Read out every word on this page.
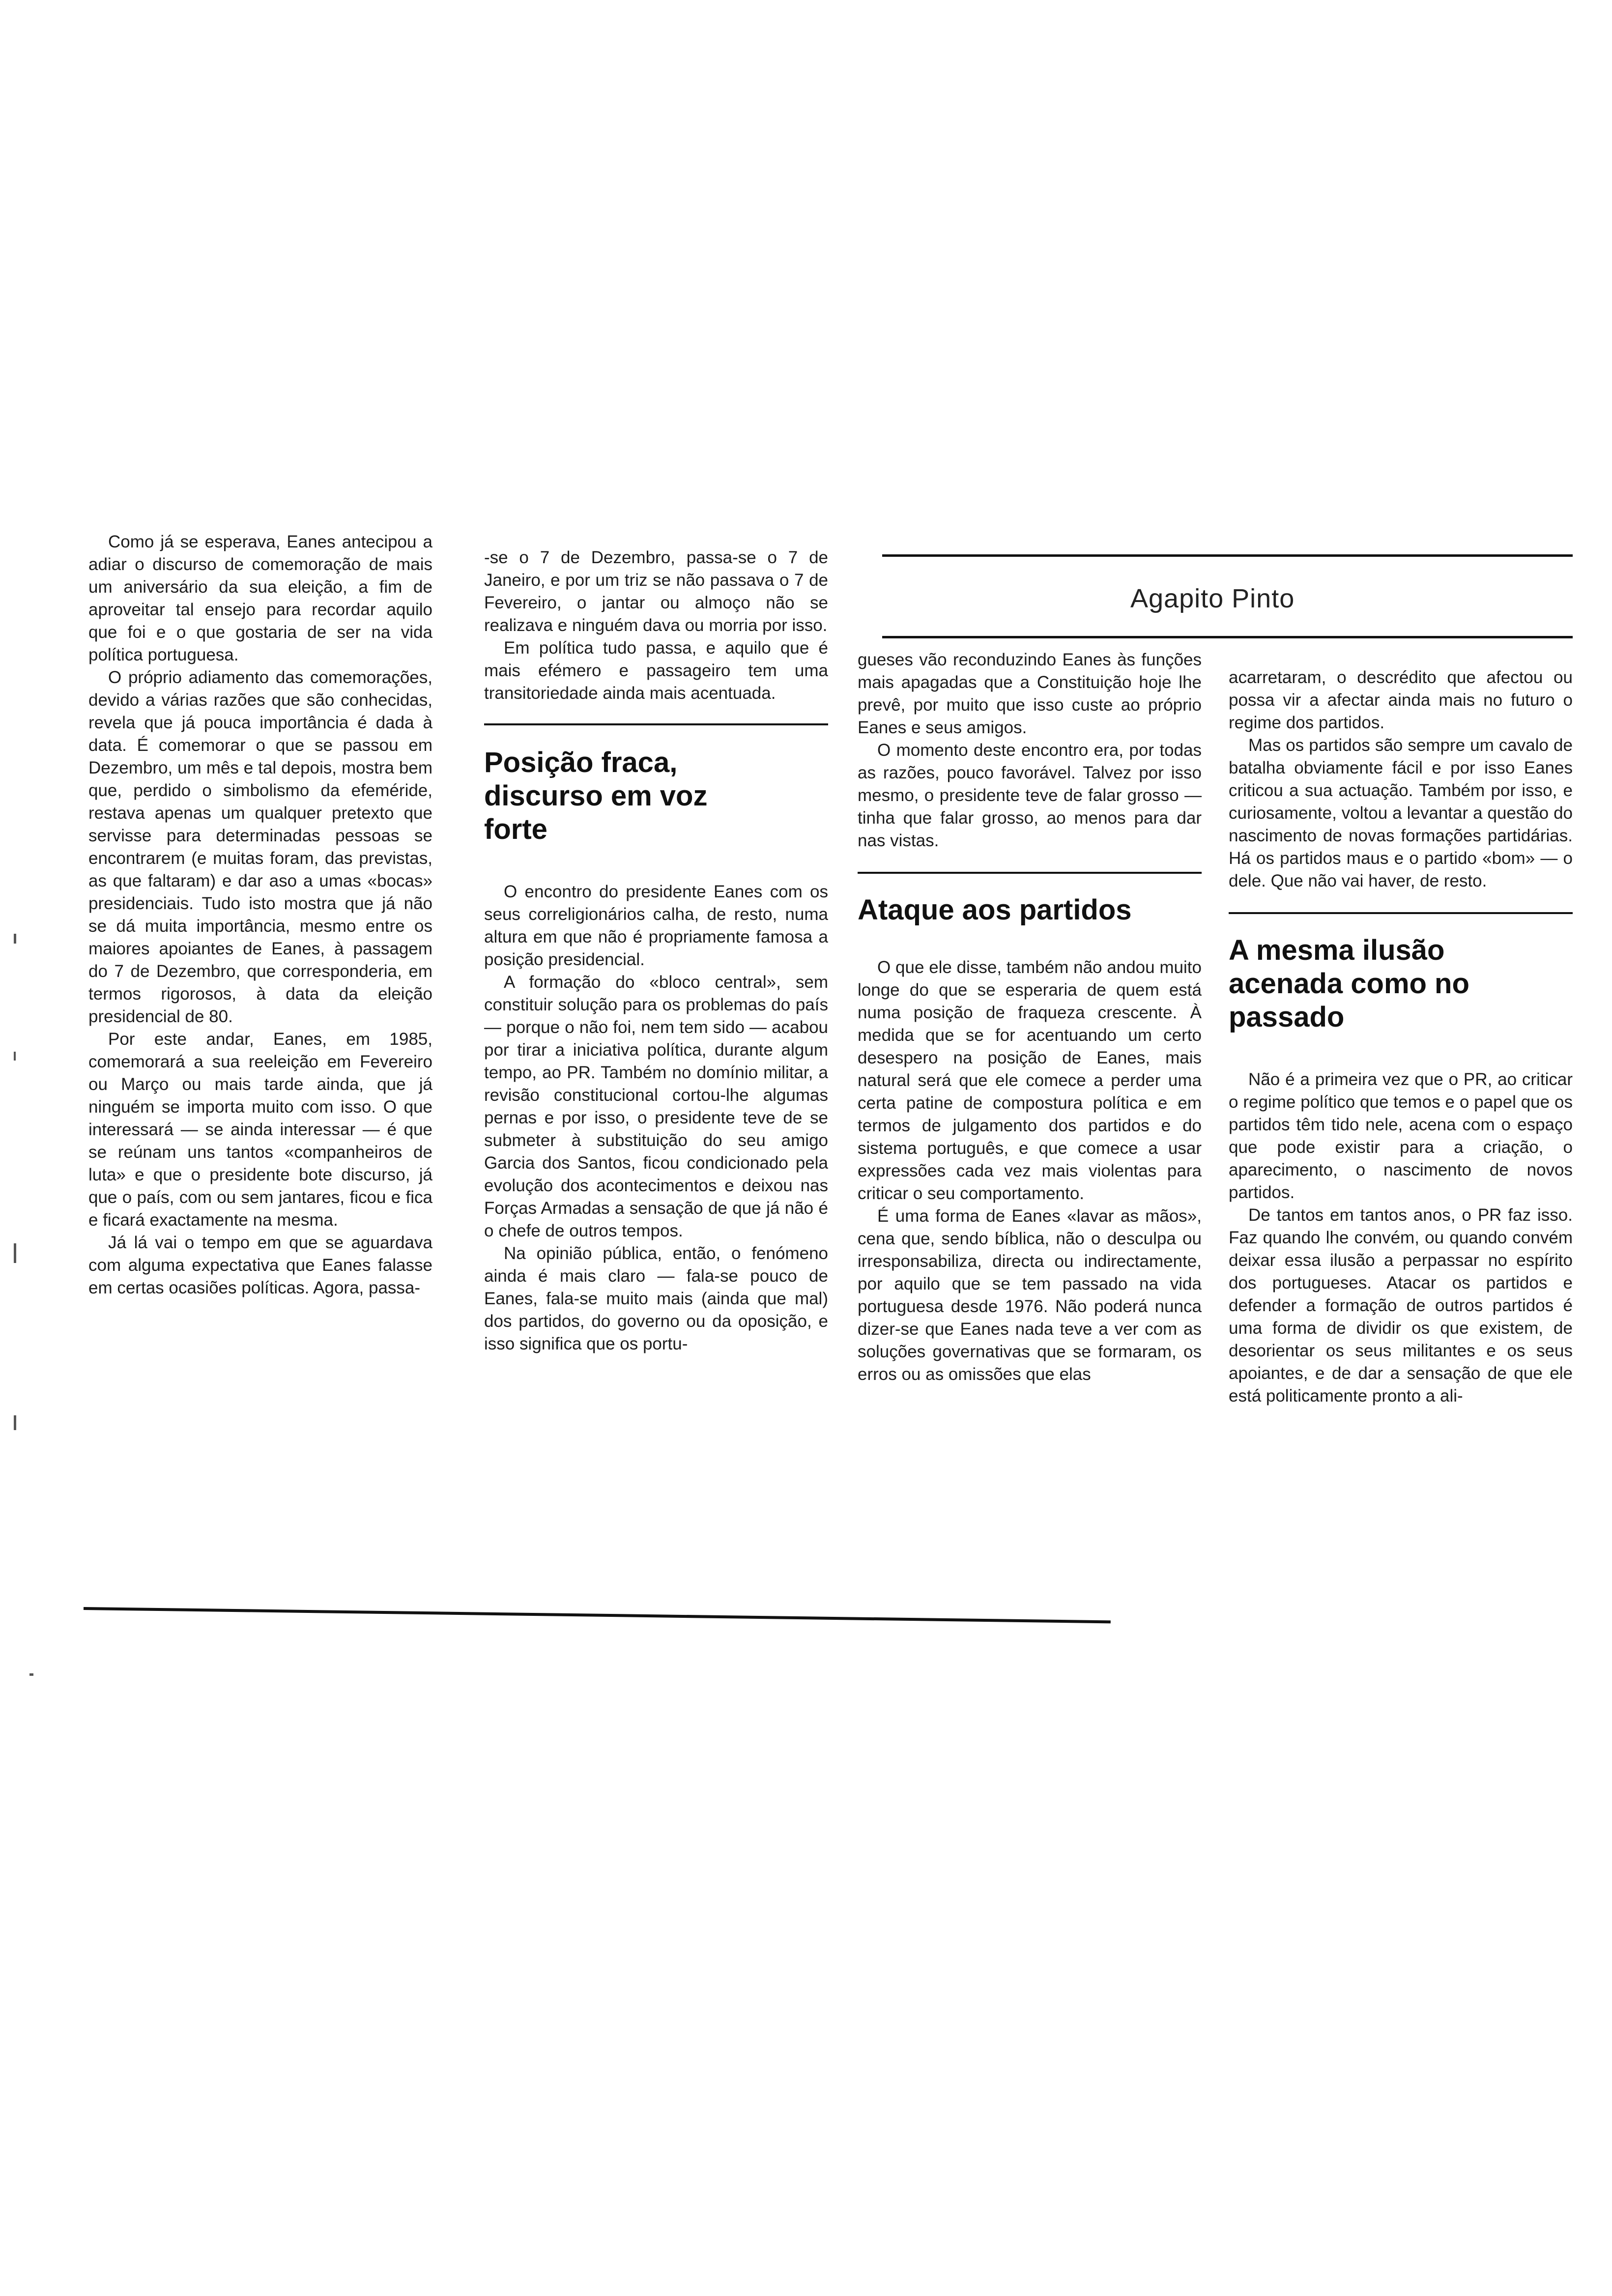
Agapito Pinto

Como já se esperava, Eanes antecipou a adiar o discurso de comemoração de mais um aniversário da sua eleição, a fim de aproveitar tal ensejo para recordar aquilo que foi e o que gostaria de ser na vida política portuguesa.

O próprio adiamento das comemorações, devido a várias razões que são conhecidas, revela que já pouca importância é dada à data. É comemorar o que se passou em Dezembro, um mês e tal depois, mostra bem que, perdido o simbolismo da efeméride, restava apenas um qualquer pretexto que servisse para determinadas pessoas se encontrarem (e muitas foram, das previstas, as que faltaram) e dar aso a umas «bocas» presidenciais. Tudo isto mostra que já não se dá muita importância, mesmo entre os maiores apoiantes de Eanes, à passagem do 7 de Dezembro, que corresponderia, em termos rigorosos, à data da eleição presidencial de 80.

Por este andar, Eanes, em 1985, comemorará a sua reeleição em Fevereiro ou Março ou mais tarde ainda, que já ninguém se importa muito com isso. O que interessará — se ainda interessar — é que se reúnam uns tantos «companheiros de luta» e que o presidente bote discurso, já que o país, com ou sem jantares, ficou e fica e ficará exactamente na mesma.

Já lá vai o tempo em que se aguardava com alguma expectativa que Eanes falasse em certas ocasiões políticas. Agora, passa-

-se o 7 de Dezembro, passa-se o 7 de Janeiro, e por um triz se não passava o 7 de Fevereiro, o jantar ou almoço não se realizava e ninguém dava ou morria por isso.

Em política tudo passa, e aquilo que é mais efémero e passageiro tem uma transitoriedade ainda mais acentuada.

Posição fraca, discurso em voz forte

O encontro do presidente Eanes com os seus correligionários calha, de resto, numa altura em que não é propriamente famosa a posição presidencial.

A formação do «bloco central», sem constituir solução para os problemas do país — porque o não foi, nem tem sido — acabou por tirar a iniciativa política, durante algum tempo, ao PR. Também no domínio militar, a revisão constitucional cortou-lhe algumas pernas e por isso, o presidente teve de se submeter à substituição do seu amigo Garcia dos Santos, ficou condicionado pela evolução dos acontecimentos e deixou nas Forças Armadas a sensação de que já não é o chefe de outros tempos.

Na opinião pública, então, o fenómeno ainda é mais claro — fala-se pouco de Eanes, fala-se muito mais (ainda que mal) dos partidos, do governo ou da oposição, e isso significa que os portu-

gueses vão reconduzindo Eanes às funções mais apagadas que a Constituição hoje lhe prevê, por muito que isso custe ao próprio Eanes e seus amigos.

O momento deste encontro era, por todas as razões, pouco favorável. Talvez por isso mesmo, o presidente teve de falar grosso — tinha que falar grosso, ao menos para dar nas vistas.

Ataque aos partidos

O que ele disse, também não andou muito longe do que se esperaria de quem está numa posição de fraqueza crescente. À medida que se for acentuando um certo desespero na posição de Eanes, mais natural será que ele comece a perder uma certa patine de compostura política e em termos de julgamento dos partidos e do sistema português, e que comece a usar expressões cada vez mais violentas para criticar o seu comportamento.

É uma forma de Eanes «lavar as mãos», cena que, sendo bíblica, não o desculpa ou irresponsabiliza, directa ou indirectamente, por aquilo que se tem passado na vida portuguesa desde 1976. Não poderá nunca dizer-se que Eanes nada teve a ver com as soluções governativas que se formaram, os erros ou as omissões que elas

acarretaram, o descrédito que afectou ou possa vir a afectar ainda mais no futuro o regime dos partidos.

Mas os partidos são sempre um cavalo de batalha obviamente fácil e por isso Eanes criticou a sua actuação. Também por isso, e curiosamente, voltou a levantar a questão do nascimento de novas formações partidárias. Há os partidos maus e o partido «bom» — o dele. Que não vai haver, de resto.

A mesma ilusão acenada como no passado

Não é a primeira vez que o PR, ao criticar o regime político que temos e o papel que os partidos têm tido nele, acena com o espaço que pode existir para a criação, o aparecimento, o nascimento de novos partidos.

De tantos em tantos anos, o PR faz isso. Faz quando lhe convém, ou quando convém deixar essa ilusão a perpassar no espírito dos portugueses. Atacar os partidos e defender a formação de outros partidos é uma forma de dividir os que existem, de desorientar os seus militantes e os seus apoiantes, e de dar a sensação de que ele está politicamente pronto a ali-
